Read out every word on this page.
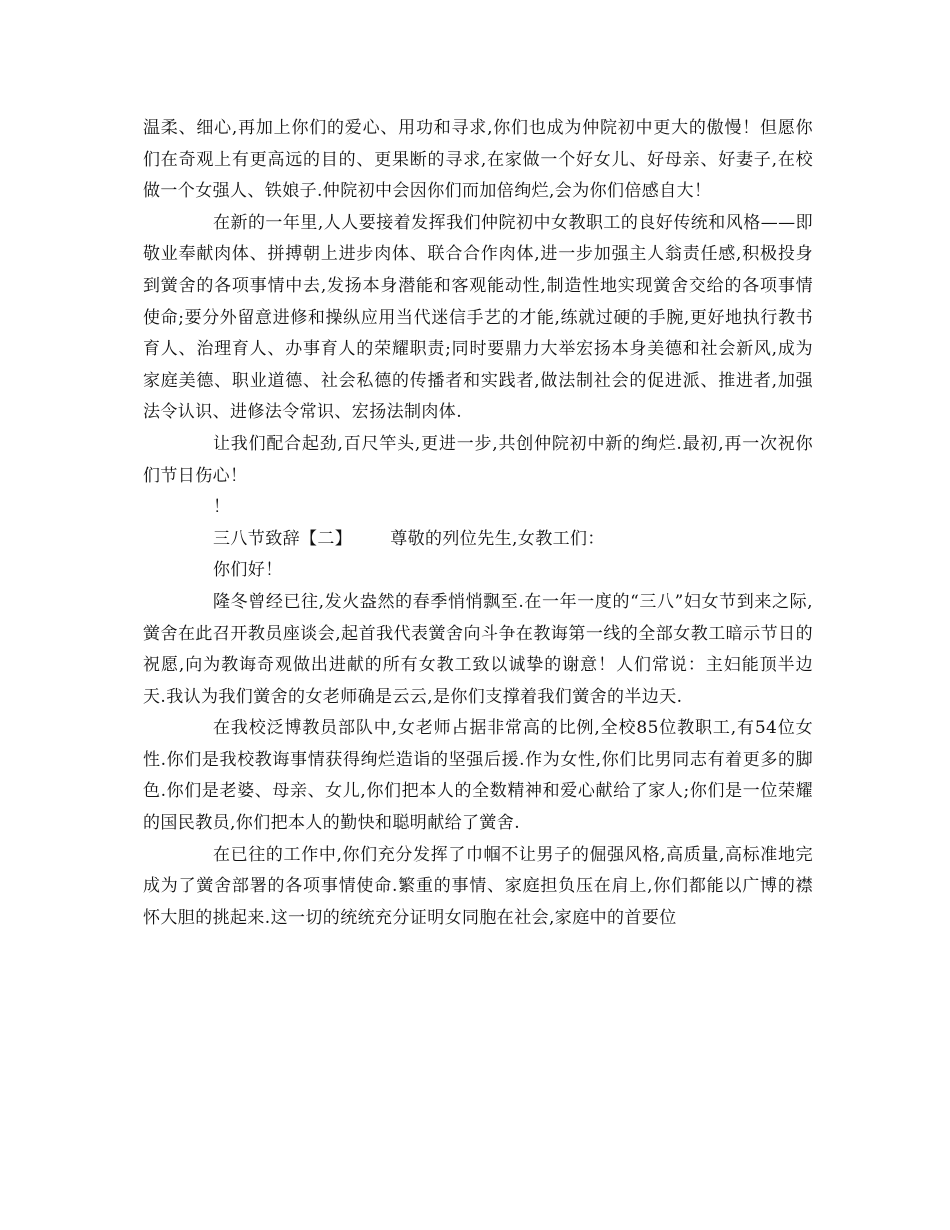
温柔、细心,再加上你们的爱心、用功和寻求,你们也成为仲院初中更大的傲慢！但愿你们在奇观上有更高远的目的、更果断的寻求,在家做一个好女儿、好母亲、好妻子,在校做一个女强人、铁娘子.仲院初中会因你们而加倍绚烂,会为你们倍感自大！

在新的一年里,人人要接着发挥我们仲院初中女教职工的良好传统和风格——即敬业奉献肉体、拼搏朝上进步肉体、联合合作肉体,进一步加强主人翁责任感,积极投身到黉舍的各项事情中去,发扬本身潜能和客观能动性,制造性地实现黉舍交给的各项事情使命;要分外留意进修和操纵应用当代迷信手艺的才能,练就过硬的手腕,更好地执行教书育人、治理育人、办事育人的荣耀职责;同时要鼎力大举宏扬本身美德和社会新风,成为家庭美德、职业道德、社会私德的传播者和实践者,做法制社会的促进派、推进者,加强法令认识、进修法令常识、宏扬法制肉体.

让我们配合起劲,百尺竿头,更进一步,共创仲院初中新的绚烂.最初,再一次祝你们节日伤心！

！

三八节致辞【二】 尊敬的列位先生,女教工们：

你们好！

隆冬曾经已往,发火盎然的春季悄悄飘至.在一年一度的“三八”妇女节到来之际,黉舍在此召开教员座谈会,起首我代表黉舍向斗争在教诲第一线的全部女教工暗示节日的祝愿,向为教诲奇观做出进献的所有女教工致以诚挚的谢意！人们常说：主妇能顶半边天.我认为我们黉舍的女老师确是云云,是你们支撑着我们黉舍的半边天.

在我校泛博教员部队中,女老师占据非常高的比例,全校85位教职工,有54位女性.你们是我校教诲事情获得绚烂造诣的坚强后援.作为女性,你们比男同志有着更多的脚色.你们是老婆、母亲、女儿,你们把本人的全数精神和爱心献给了家人;你们是一位荣耀的国民教员,你们把本人的勤快和聪明献给了黉舍.

在已往的工作中,你们充分发挥了巾帼不让男子的倔强风格,高质量,高标准地完成为了黉舍部署的各项事情使命.繁重的事情、家庭担负压在肩上,你们都能以广博的襟怀大胆的挑起来.这一切的统统充分证明女同胞在社会,家庭中的首要位
